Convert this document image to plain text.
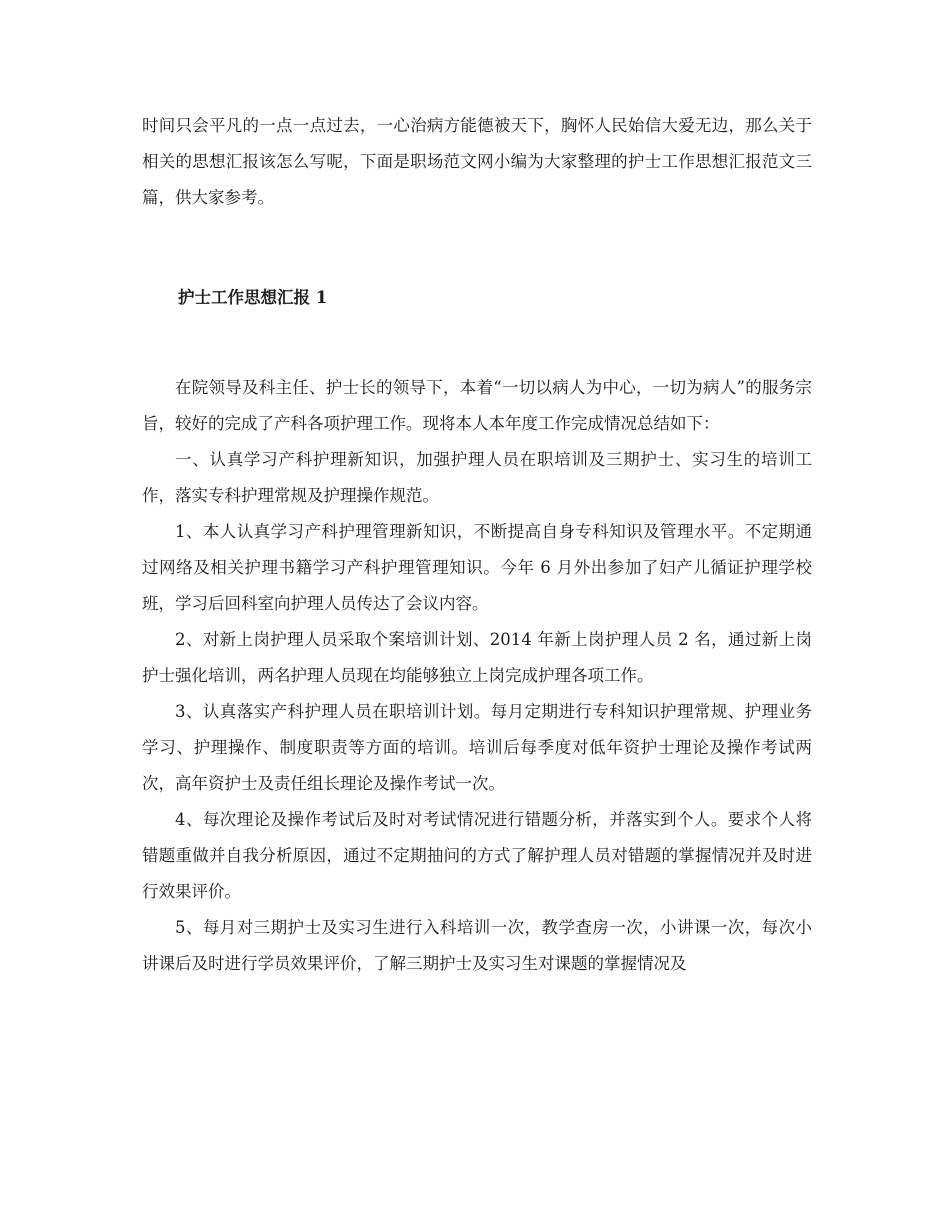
时间只会平凡的一点一点过去，一心治病方能德被天下，胸怀人民始信大爱无边，那么关于相关的思想汇报该怎么写呢，下面是职场范文网小编为大家整理的护士工作思想汇报范文三篇，供大家参考。

护士工作思想汇报 1

在院领导及科主任、护士长的领导下，本着“一切以病人为中心，一切为病人”的服务宗旨，较好的完成了产科各项护理工作。现将本人本年度工作完成情况总结如下：

一、认真学习产科护理新知识，加强护理人员在职培训及三期护士、实习生的培训工作，落实专科护理常规及护理操作规范。

1、本人认真学习产科护理管理新知识，不断提高自身专科知识及管理水平。不定期通过网络及相关护理书籍学习产科护理管理知识。今年 6 月外出参加了妇产儿循证护理学校班，学习后回科室向护理人员传达了会议内容。

2、对新上岗护理人员采取个案培训计划、2014 年新上岗护理人员 2 名，通过新上岗护士强化培训，两名护理人员现在均能够独立上岗完成护理各项工作。

3、认真落实产科护理人员在职培训计划。每月定期进行专科知识护理常规、护理业务学习、护理操作、制度职责等方面的培训。培训后每季度对低年资护士理论及操作考试两次，高年资护士及责任组长理论及操作考试一次。

4、每次理论及操作考试后及时对考试情况进行错题分析，并落实到个人。要求个人将错题重做并自我分析原因，通过不定期抽问的方式了解护理人员对错题的掌握情况并及时进行效果评价。

5、每月对三期护士及实习生进行入科培训一次，教学查房一次，小讲课一次，每次小讲课后及时进行学员效果评价，了解三期护士及实习生对课题的掌握情况及
